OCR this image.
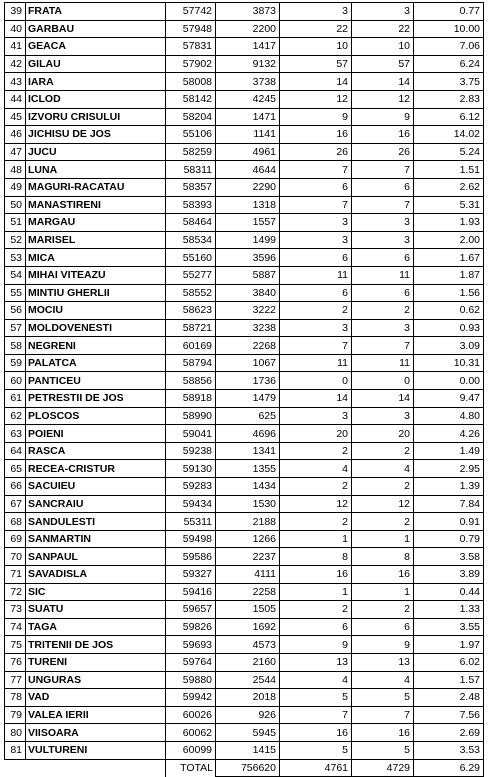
39	FRATA	57742	3873	3	3	0.77
40	GARBAU	57948	2200	22	22	10.00
41	GEACA	57831	1417	10	10	7.06
42	GILAU	57902	9132	57	57	6.24
43	IARA	58008	3738	14	14	3.75
44	ICLOD	58142	4245	12	12	2.83
45	IZVORU CRISULUI	58204	1471	9	9	6.12
46	JICHISU DE JOS	55106	1141	16	16	14.02
47	JUCU	58259	4961	26	26	5.24
48	LUNA	58311	4644	7	7	1.51
49	MAGURI-RACATAU	58357	2290	6	6	2.62
50	MANASTIRENI	58393	1318	7	7	5.31
51	MARGAU	58464	1557	3	3	1.93
52	MARISEL	58534	1499	3	3	2.00
53	MICA	55160	3596	6	6	1.67
54	MIHAI VITEAZU	55277	5887	11	11	1.87
55	MINTIU GHERLII	58552	3840	6	6	1.56
56	MOCIU	58623	3222	2	2	0.62
57	MOLDOVENESTI	58721	3238	3	3	0.93
58	NEGRENI	60169	2268	7	7	3.09
59	PALATCA	58794	1067	11	11	10.31
60	PANTICEU	58856	1736	0	0	0.00
61	PETRESTII DE JOS	58918	1479	14	14	9.47
62	PLOSCOS	58990	625	3	3	4.80
63	POIENI	59041	4696	20	20	4.26
64	RASCA	59238	1341	2	2	1.49
65	RECEA-CRISTUR	59130	1355	4	4	2.95
66	SACUIEU	59283	1434	2	2	1.39
67	SANCRAIU	59434	1530	12	12	7.84
68	SANDULESTI	55311	2188	2	2	0.91
69	SANMARTIN	59498	1266	1	1	0.79
70	SANPAUL	59586	2237	8	8	3.58
71	SAVADISLA	59327	4111	16	16	3.89
72	SIC	59416	2258	1	1	0.44
73	SUATU	59657	1505	2	2	1.33
74	TAGA	59826	1692	6	6	3.55
75	TRITENII DE JOS	59693	4573	9	9	1.97
76	TURENI	59764	2160	13	13	6.02
77	UNGURAS	59880	2544	4	4	1.57
78	VAD	59942	2018	5	5	2.48
79	VALEA IERII	60026	926	7	7	7.56
80	VIISOARA	60062	5945	16	16	2.69
81	VULTURENI	60099	1415	5	5	3.53
		TOTAL	756620	4761	4729	6.29
